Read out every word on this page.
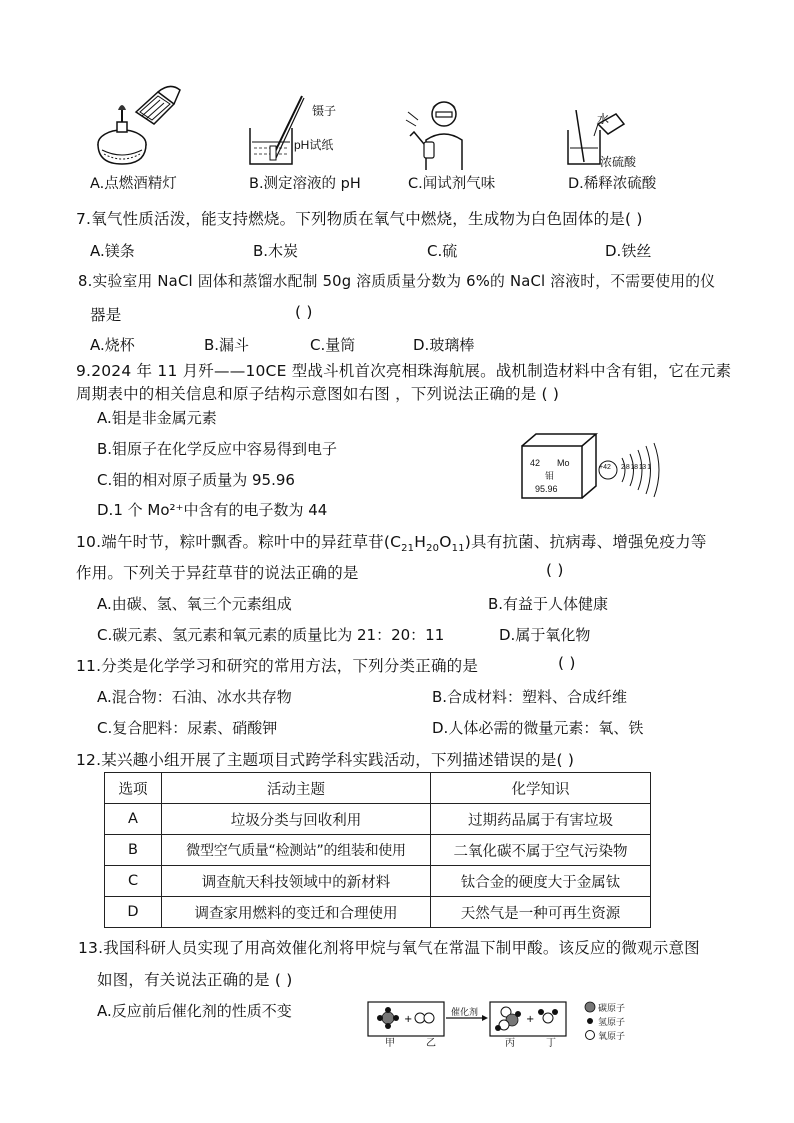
A.点燃酒精灯
镊子
pH试纸
B.测定溶液的 pH	C.闻试剂气味
水
浓硫酸
D.稀释浓硫酸
7.氧气性质活泼，能支持燃烧。下列物质在氧气中燃烧，生成物为白色固体的是( )
A.镁条	B.木炭	C.硫	D.铁丝
8.实验室用 NaCl 固体和蒸馏水配制 50g 溶质质量分数为 6%的 NaCl 溶液时，不需要使用的仪
器是	( )
A.烧杯	B.漏斗	C.量筒	D.玻璃棒
9.2024 年 11 月歼——10CE 型战斗机首次亮相珠海航展。战机制造材料中含有钼，它在元素
周期表中的相关信息和原子结构示意图如右图 ，下列说法正确的是 ( )
A.钼是非金属元素
B.钼原子在化学反应中容易得到电子
C.钼的相对原子质量为 95.96
D.1 个 Mo²⁺中含有的电子数为 44
42 Mo
钼
95.96
+42 2 8 18 13 1
10.端午时节，粽叶飘香。粽叶中的异荭草苷$(C_{21}H_{20}O_{11})$具有抗菌、抗病毒、增强免疫力等
作用。下列关于异荭草苷的说法正确的是	( )
A.由碳、氢、氧三个元素组成	B.有益于人体健康
C.碳元素、氢元素和氧元素的质量比为 21：20：11	D.属于氧化物
11.分类是化学学习和研究的常用方法，下列分类正确的是	( )
A.混合物：石油、冰水共存物	B.合成材料：塑料、合成纤维
C.复合肥料：尿素、硝酸钾	D.人体必需的微量元素：氧、铁
12.某兴趣小组开展了主题项目式跨学科实践活动，下列描述错误的是( )
选项	活动主题	化学知识
A	垃圾分类与回收利用	过期药品属于有害垃圾
B	微型空气质量“检测站”的组装和使用	二氧化碳不属于空气污染物
C	调查航天科技领域中的新材料	钛合金的硬度大于金属钛
D	调查家用燃料的变迁和合理使用	天然气是一种可再生资源
13.我国科研人员实现了用高效催化剂将甲烷与氧气在常温下制甲酸。该反应的微观示意图
如图，有关说法正确的是 ( )
A.反应前后催化剂的性质不变	+	+
催化剂
甲	乙	丙	丁
碳原子
氢原子
氧原子
